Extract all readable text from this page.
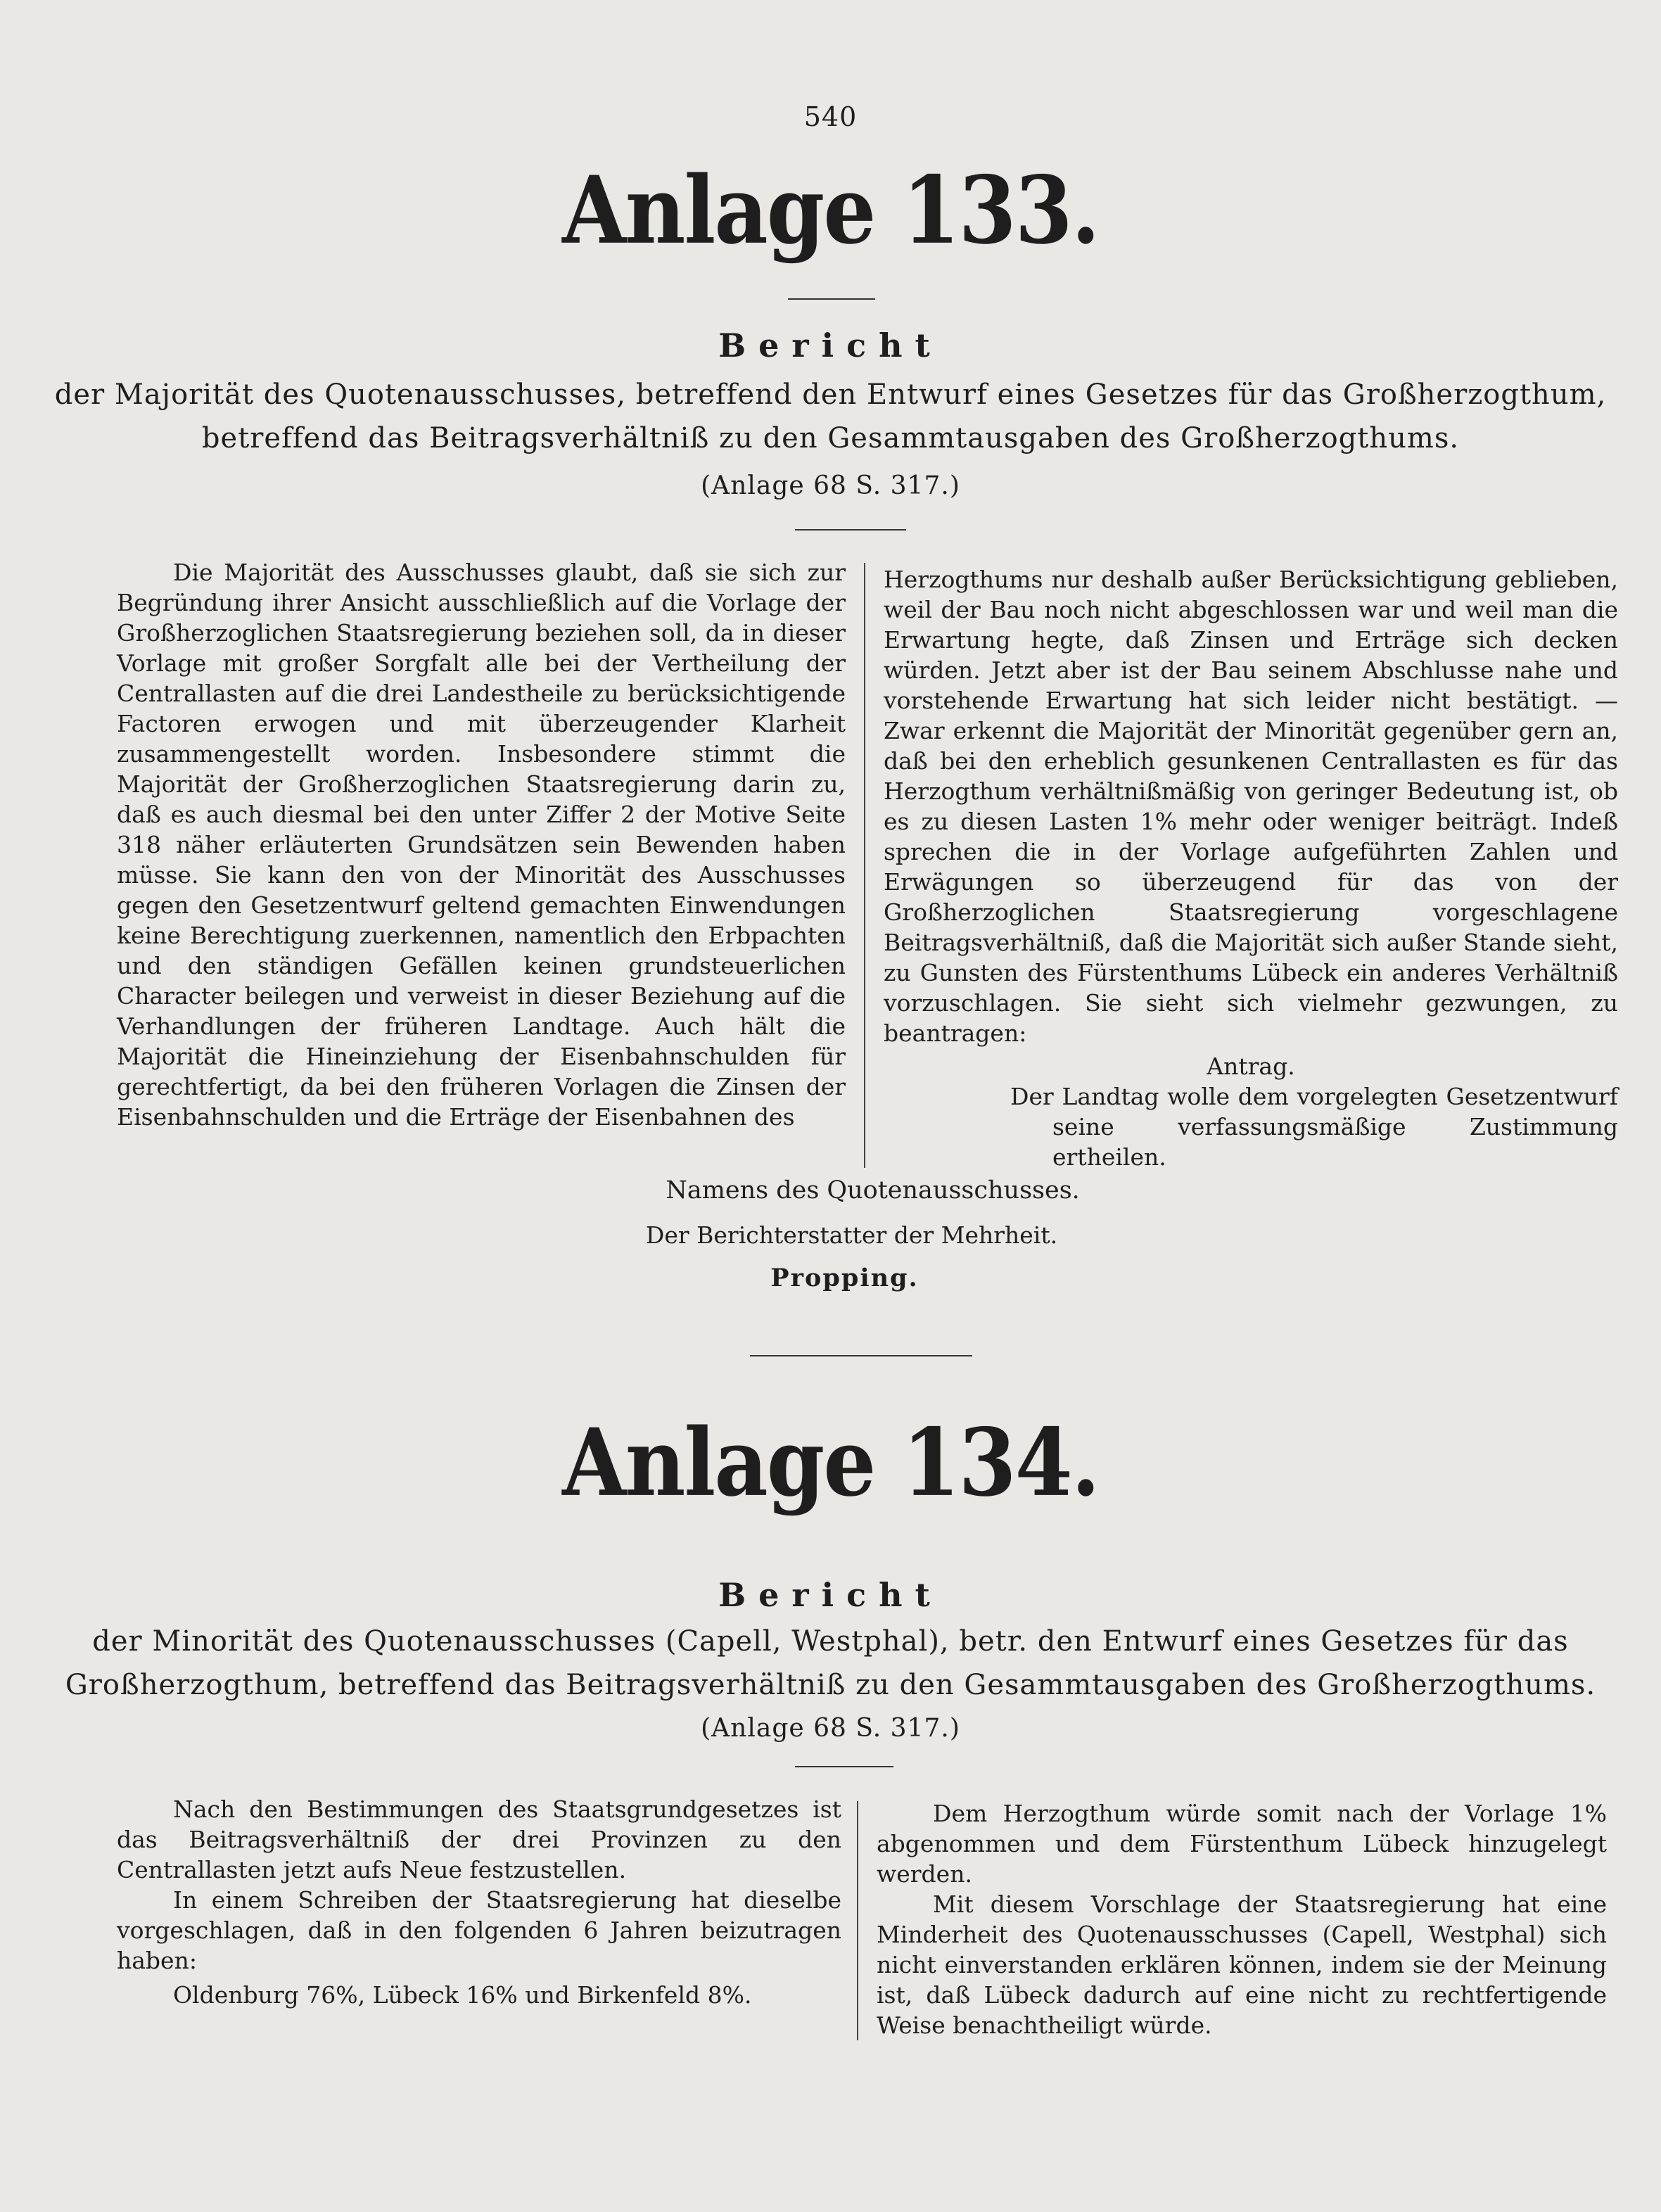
540
Anlage 133.
Bericht
der Majorität des Quotenausschusses, betreffend den Entwurf eines Gesetzes für das Großherzogthum,
betreffend das Beitragsverhältniß zu den Gesammtausgaben des Großherzogthums.
(Anlage 68 S. 317.)

Die Majorität des Ausschusses glaubt, daß sie sich zur Begründung ihrer Ansicht ausschließlich auf die Vorlage der Großherzoglichen Staatsregierung beziehen soll, da in dieser Vorlage mit großer Sorgfalt alle bei der Vertheilung der Centrallasten auf die drei Landestheile zu berücksichtigende Factoren erwogen und mit überzeugender Klarheit zusammengestellt worden. Insbesondere stimmt die Majorität der Großherzoglichen Staatsregierung darin zu, daß es auch diesmal bei den unter Ziffer 2 der Motive Seite 318 näher erläuterten Grundsätzen sein Bewenden haben müsse. Sie kann den von der Minorität des Ausschusses gegen den Gesetzentwurf geltend gemachten Einwendungen keine Berechtigung zuerkennen, namentlich den Erbpachten und den ständigen Gefällen keinen grundsteuerlichen Character beilegen und verweist in dieser Beziehung auf die Verhandlungen der früheren Landtage. Auch hält die Majorität die Hineinziehung der Eisenbahnschulden für gerechtfertigt, da bei den früheren Vorlagen die Zinsen der Eisenbahnschulden und die Erträge der Eisenbahnen des

Herzogthums nur deshalb außer Berücksichtigung geblieben, weil der Bau noch nicht abgeschlossen war und weil man die Erwartung hegte, daß Zinsen und Erträge sich decken würden. Jetzt aber ist der Bau seinem Abschlusse nahe und vorstehende Erwartung hat sich leider nicht bestätigt. — Zwar erkennt die Majorität der Minorität gegenüber gern an, daß bei den erheblich gesunkenen Centrallasten es für das Herzogthum verhältnißmäßig von geringer Bedeutung ist, ob es zu diesen Lasten 1% mehr oder weniger beiträgt. Indeß sprechen die in der Vorlage aufgeführten Zahlen und Erwägungen so überzeugend für das von der Großherzoglichen Staatsregierung vorgeschlagene Beitragsverhältniß, daß die Majorität sich außer Stande sieht, zu Gunsten des Fürstenthums Lübeck ein anderes Verhältniß vorzuschlagen. Sie sieht sich vielmehr gezwungen, zu beantragen:

Antrag.

Der Landtag wolle dem vorgelegten Gesetzentwurf seine verfassungsmäßige Zustimmung ertheilen.

Namens des Quotenausschusses.
Der Berichterstatter der Mehrheit.
Propping.
Anlage 134.
Bericht
der Minorität des Quotenausschusses (Capell, Westphal), betr. den Entwurf eines Gesetzes für das
Großherzogthum, betreffend das Beitragsverhältniß zu den Gesammtausgaben des Großherzogthums.
(Anlage 68 S. 317.)

Nach den Bestimmungen des Staatsgrundgesetzes ist das Beitragsverhältniß der drei Provinzen zu den Centrallasten jetzt aufs Neue festzustellen.

In einem Schreiben der Staatsregierung hat dieselbe vorgeschlagen, daß in den folgenden 6 Jahren beizutragen haben:

Oldenburg 76%, Lübeck 16% und Birkenfeld 8%.

Dem Herzogthum würde somit nach der Vorlage 1% abgenommen und dem Fürstenthum Lübeck hinzugelegt werden.

Mit diesem Vorschlage der Staatsregierung hat eine Minderheit des Quotenausschusses (Capell, Westphal) sich nicht einverstanden erklären können, indem sie der Meinung ist, daß Lübeck dadurch auf eine nicht zu rechtfertigende Weise benachtheiligt würde.
